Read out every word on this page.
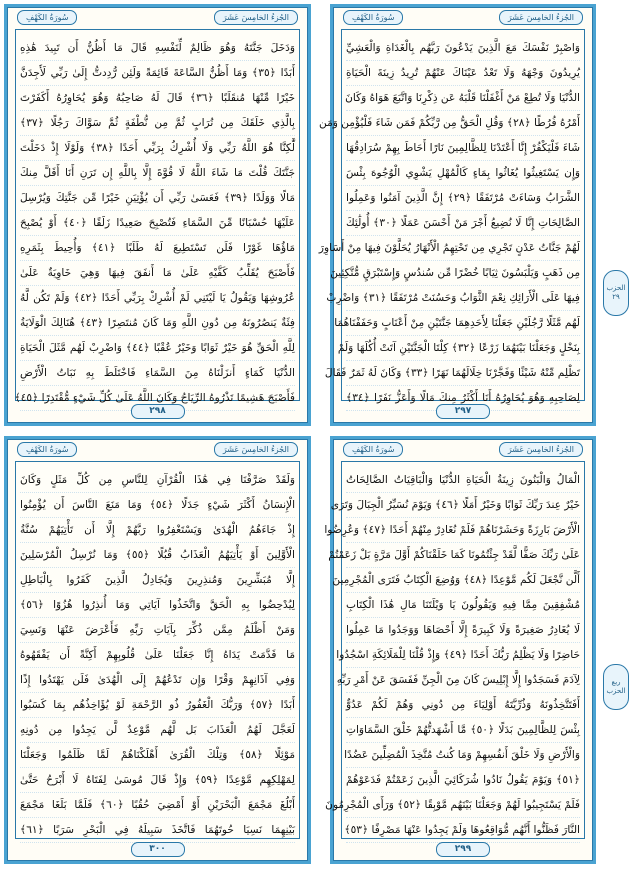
سُورَةُ الكَهْفِ	الجُزءُ الخامِسَ عَشَرَ
وَدَخَلَ جَنَّتَهُ وَهُوَ ظَالِمٌ لِّنَفْسِهِ قَالَ مَا أَظُنُّ أَن تَبِيدَ هَٰذِهِ
أَبَدًا ﴿٣٥﴾ وَمَا أَظُنُّ السَّاعَةَ قَائِمَةً وَلَئِن رُّدِدتُّ إِلَىٰ رَبِّي لَأَجِدَنَّ
خَيْرًا مِّنْهَا مُنقَلَبًا ﴿٣٦﴾ قَالَ لَهُ صَاحِبُهُ وَهُوَ يُحَاوِرُهُ أَكَفَرْتَ
بِالَّذِي خَلَقَكَ مِن تُرَابٍ ثُمَّ مِن نُّطْفَةٍ ثُمَّ سَوَّاكَ رَجُلًا ﴿٣٧﴾
لَّٰكِنَّا هُوَ اللَّهُ رَبِّي وَلَا أُشْرِكُ بِرَبِّي أَحَدًا ﴿٣٨﴾ وَلَوْلَا إِذْ دَخَلْتَ
جَنَّتَكَ قُلْتَ مَا شَاءَ اللَّهُ لَا قُوَّةَ إِلَّا بِاللَّهِ إِن تَرَنِ أَنَا أَقَلَّ مِنكَ
مَالًا وَوَلَدًا ﴿٣٩﴾ فَعَسَىٰ رَبِّي أَن يُؤْتِيَنِ خَيْرًا مِّن جَنَّتِكَ وَيُرْسِلَ
عَلَيْهَا حُسْبَانًا مِّنَ السَّمَاءِ فَتُصْبِحَ صَعِيدًا زَلَقًا ﴿٤٠﴾ أَوْ يُصْبِحَ
مَاؤُهَا غَوْرًا فَلَن تَسْتَطِيعَ لَهُ طَلَبًا ﴿٤١﴾ وَأُحِيطَ بِثَمَرِهِ
فَأَصْبَحَ يُقَلِّبُ كَفَّيْهِ عَلَىٰ مَا أَنفَقَ فِيهَا وَهِيَ خَاوِيَةٌ عَلَىٰ
عُرُوشِهَا وَيَقُولُ يَا لَيْتَنِي لَمْ أُشْرِكْ بِرَبِّي أَحَدًا ﴿٤٢﴾ وَلَمْ تَكُن لَّهُ
فِئَةٌ يَنصُرُونَهُ مِن دُونِ اللَّهِ وَمَا كَانَ مُنتَصِرًا ﴿٤٣﴾ هُنَالِكَ الْوَلَايَةُ
لِلَّهِ الْحَقِّ هُوَ خَيْرٌ ثَوَابًا وَخَيْرٌ عُقْبًا ﴿٤٤﴾ وَاضْرِبْ لَهُم مَّثَلَ الْحَيَاةِ
الدُّنْيَا كَمَاءٍ أَنزَلْنَاهُ مِنَ السَّمَاءِ فَاخْتَلَطَ بِهِ نَبَاتُ الْأَرْضِ
فَأَصْبَحَ هَشِيمًا تَذْرُوهُ الرِّيَاحُ وَكَانَ اللَّهُ عَلَىٰ كُلِّ شَيْءٍ مُّقْتَدِرًا ﴿٤٥﴾
٢٩٨
سُورَةُ الكَهْفِ	الجُزءُ الخامِسَ عَشَرَ
وَاصْبِرْ نَفْسَكَ مَعَ الَّذِينَ يَدْعُونَ رَبَّهُم بِالْغَدَاةِ وَالْعَشِيِّ
يُرِيدُونَ وَجْهَهُ وَلَا تَعْدُ عَيْنَاكَ عَنْهُمْ تُرِيدُ زِينَةَ الْحَيَاةِ
الدُّنْيَا وَلَا تُطِعْ مَنْ أَغْفَلْنَا قَلْبَهُ عَن ذِكْرِنَا وَاتَّبَعَ هَوَاهُ وَكَانَ
أَمْرُهُ فُرُطًا ﴿٢٨﴾ وَقُلِ الْحَقُّ مِن رَّبِّكُمْ فَمَن شَاءَ فَلْيُؤْمِن وَمَن
شَاءَ فَلْيَكْفُرْ إِنَّا أَعْتَدْنَا لِلظَّالِمِينَ نَارًا أَحَاطَ بِهِمْ سُرَادِقُهَا
وَإِن يَسْتَغِيثُوا يُغَاثُوا بِمَاءٍ كَالْمُهْلِ يَشْوِي الْوُجُوهَ بِئْسَ
الشَّرَابُ وَسَاءَتْ مُرْتَفَقًا ﴿٢٩﴾ إِنَّ الَّذِينَ آمَنُوا وَعَمِلُوا
الصَّالِحَاتِ إِنَّا لَا نُضِيعُ أَجْرَ مَنْ أَحْسَنَ عَمَلًا ﴿٣٠﴾ أُولَٰئِكَ
لَهُمْ جَنَّاتُ عَدْنٍ تَجْرِي مِن تَحْتِهِمُ الْأَنْهَارُ يُحَلَّوْنَ فِيهَا مِنْ أَسَاوِرَ
مِن ذَهَبٍ وَيَلْبَسُونَ ثِيَابًا خُضْرًا مِّن سُندُسٍ وَإِسْتَبْرَقٍ مُّتَّكِئِينَ
فِيهَا عَلَى الْأَرَائِكِ نِعْمَ الثَّوَابُ وَحَسُنَتْ مُرْتَفَقًا ﴿٣١﴾ وَاضْرِبْ
لَهُم مَّثَلًا رَّجُلَيْنِ جَعَلْنَا لِأَحَدِهِمَا جَنَّتَيْنِ مِنْ أَعْنَابٍ وَحَفَفْنَاهُمَا
بِنَخْلٍ وَجَعَلْنَا بَيْنَهُمَا زَرْعًا ﴿٣٢﴾ كِلْتَا الْجَنَّتَيْنِ آتَتْ أُكُلَهَا وَلَمْ
تَظْلِم مِّنْهُ شَيْئًا وَفَجَّرْنَا خِلَالَهُمَا نَهَرًا ﴿٣٣﴾ وَكَانَ لَهُ ثَمَرٌ فَقَالَ
لِصَاحِبِهِ وَهُوَ يُحَاوِرُهُ أَنَا أَكْثَرُ مِنكَ مَالًا وَأَعَزُّ نَفَرًا ﴿٣٤﴾
٢٩٧
سُورَةُ الكَهْفِ	الجُزءُ الخامِسَ عَشَرَ
وَلَقَدْ صَرَّفْنَا فِي هَٰذَا الْقُرْآنِ لِلنَّاسِ مِن كُلِّ مَثَلٍ وَكَانَ
الْإِنسَانُ أَكْثَرَ شَيْءٍ جَدَلًا ﴿٥٤﴾ وَمَا مَنَعَ النَّاسَ أَن يُؤْمِنُوا
إِذْ جَاءَهُمُ الْهُدَىٰ وَيَسْتَغْفِرُوا رَبَّهُمْ إِلَّا أَن تَأْتِيَهُمْ سُنَّةُ
الْأَوَّلِينَ أَوْ يَأْتِيَهُمُ الْعَذَابُ قُبُلًا ﴿٥٥﴾ وَمَا نُرْسِلُ الْمُرْسَلِينَ
إِلَّا مُبَشِّرِينَ وَمُنذِرِينَ وَيُجَادِلُ الَّذِينَ كَفَرُوا بِالْبَاطِلِ
لِيُدْحِضُوا بِهِ الْحَقَّ وَاتَّخَذُوا آيَاتِي وَمَا أُنذِرُوا هُزُوًا ﴿٥٦﴾
وَمَنْ أَظْلَمُ مِمَّن ذُكِّرَ بِآيَاتِ رَبِّهِ فَأَعْرَضَ عَنْهَا وَنَسِيَ
مَا قَدَّمَتْ يَدَاهُ إِنَّا جَعَلْنَا عَلَىٰ قُلُوبِهِمْ أَكِنَّةً أَن يَفْقَهُوهُ
وَفِي آذَانِهِمْ وَقْرًا وَإِن تَدْعُهُمْ إِلَى الْهُدَىٰ فَلَن يَهْتَدُوا إِذًا
أَبَدًا ﴿٥٧﴾ وَرَبُّكَ الْغَفُورُ ذُو الرَّحْمَةِ لَوْ يُؤَاخِذُهُم بِمَا كَسَبُوا
لَعَجَّلَ لَهُمُ الْعَذَابَ بَل لَّهُم مَّوْعِدٌ لَّن يَجِدُوا مِن دُونِهِ
مَوْئِلًا ﴿٥٨﴾ وَتِلْكَ الْقُرَىٰ أَهْلَكْنَاهُمْ لَمَّا ظَلَمُوا وَجَعَلْنَا
لِمَهْلِكِهِم مَّوْعِدًا ﴿٥٩﴾ وَإِذْ قَالَ مُوسَىٰ لِفَتَاهُ لَا أَبْرَحُ حَتَّىٰ
أَبْلُغَ مَجْمَعَ الْبَحْرَيْنِ أَوْ أَمْضِيَ حُقُبًا ﴿٦٠﴾ فَلَمَّا بَلَغَا مَجْمَعَ
بَيْنِهِمَا نَسِيَا حُوتَهُمَا فَاتَّخَذَ سَبِيلَهُ فِي الْبَحْرِ سَرَبًا ﴿٦١﴾
٣٠٠
سُورَةُ الكَهْفِ	الجُزءُ الخامِسَ عَشَرَ
الْمَالُ وَالْبَنُونَ زِينَةُ الْحَيَاةِ الدُّنْيَا وَالْبَاقِيَاتُ الصَّالِحَاتُ
خَيْرٌ عِندَ رَبِّكَ ثَوَابًا وَخَيْرٌ أَمَلًا ﴿٤٦﴾ وَيَوْمَ نُسَيِّرُ الْجِبَالَ وَتَرَى
الْأَرْضَ بَارِزَةً وَحَشَرْنَاهُمْ فَلَمْ نُغَادِرْ مِنْهُمْ أَحَدًا ﴿٤٧﴾ وَعُرِضُوا
عَلَىٰ رَبِّكَ صَفًّا لَّقَدْ جِئْتُمُونَا كَمَا خَلَقْنَاكُمْ أَوَّلَ مَرَّةٍ بَلْ زَعَمْتُمْ
أَلَّن نَّجْعَلَ لَكُم مَّوْعِدًا ﴿٤٨﴾ وَوُضِعَ الْكِتَابُ فَتَرَى الْمُجْرِمِينَ
مُشْفِقِينَ مِمَّا فِيهِ وَيَقُولُونَ يَا وَيْلَتَنَا مَالِ هَٰذَا الْكِتَابِ
لَا يُغَادِرُ صَغِيرَةً وَلَا كَبِيرَةً إِلَّا أَحْصَاهَا وَوَجَدُوا مَا عَمِلُوا
حَاضِرًا وَلَا يَظْلِمُ رَبُّكَ أَحَدًا ﴿٤٩﴾ وَإِذْ قُلْنَا لِلْمَلَائِكَةِ اسْجُدُوا
لِآدَمَ فَسَجَدُوا إِلَّا إِبْلِيسَ كَانَ مِنَ الْجِنِّ فَفَسَقَ عَنْ أَمْرِ رَبِّهِ
أَفَتَتَّخِذُونَهُ وَذُرِّيَّتَهُ أَوْلِيَاءَ مِن دُونِي وَهُمْ لَكُمْ عَدُوٌّ
بِئْسَ لِلظَّالِمِينَ بَدَلًا ﴿٥٠﴾ مَّا أَشْهَدتُّهُمْ خَلْقَ السَّمَاوَاتِ
وَالْأَرْضِ وَلَا خَلْقَ أَنفُسِهِمْ وَمَا كُنتُ مُتَّخِذَ الْمُضِلِّينَ عَضُدًا
﴿٥١﴾ وَيَوْمَ يَقُولُ نَادُوا شُرَكَائِيَ الَّذِينَ زَعَمْتُمْ فَدَعَوْهُمْ
فَلَمْ يَسْتَجِيبُوا لَهُمْ وَجَعَلْنَا بَيْنَهُم مَّوْبِقًا ﴿٥٢﴾ وَرَأَى الْمُجْرِمُونَ
النَّارَ فَظَنُّوا أَنَّهُم مُّوَاقِعُوهَا وَلَمْ يَجِدُوا عَنْهَا مَصْرِفًا ﴿٥٣﴾
٢٩٩
الحزب ٢٩
ربع الحزب
